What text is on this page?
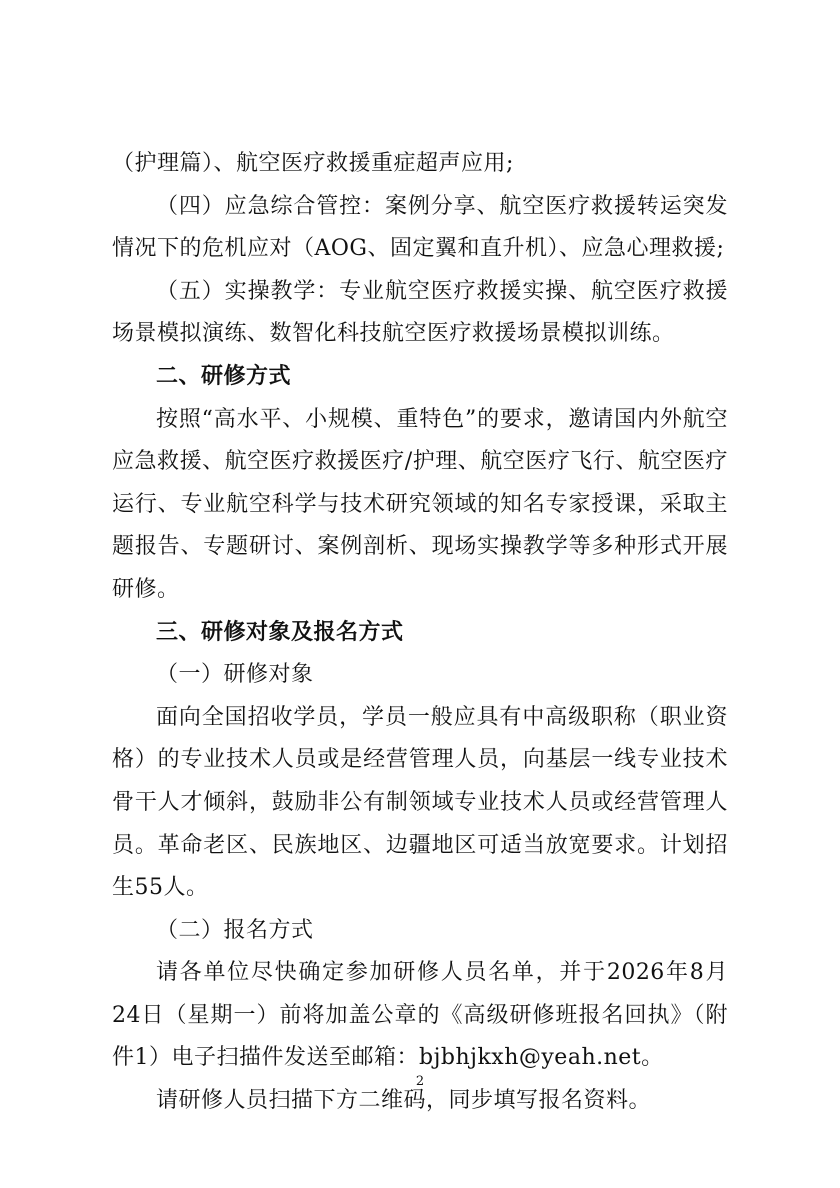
（护理篇）、航空医疗救援重症超声应用;

（四）应急综合管控：案例分享、航空医疗救援转运突发情况下的危机应对（AOG、固定翼和直升机）、应急心理救援;

（五）实操教学：专业航空医疗救援实操、航空医疗救援场景模拟演练、数智化科技航空医疗救援场景模拟训练。

二、研修方式

按照“高水平、小规模、重特色”的要求，邀请国内外航空应急救援、航空医疗救援医疗/护理、航空医疗飞行、航空医疗运行、专业航空科学与技术研究领域的知名专家授课，采取主题报告、专题研讨、案例剖析、现场实操教学等多种形式开展研修。

三、研修对象及报名方式

（一）研修对象

面向全国招收学员，学员一般应具有中高级职称（职业资格）的专业技术人员或是经营管理人员，向基层一线专业技术骨干人才倾斜，鼓励非公有制领域专业技术人员或经营管理人员。革命老区、民族地区、边疆地区可适当放宽要求。计划招生55人。

（二）报名方式

请各单位尽快确定参加研修人员名单，并于2026年8月24日（星期一）前将加盖公章的《高级研修班报名回执》（附件1）电子扫描件发送至邮箱：bjbhjkxh@yeah.net。

请研修人员扫描下方二维码，同步填写报名资料。

2
